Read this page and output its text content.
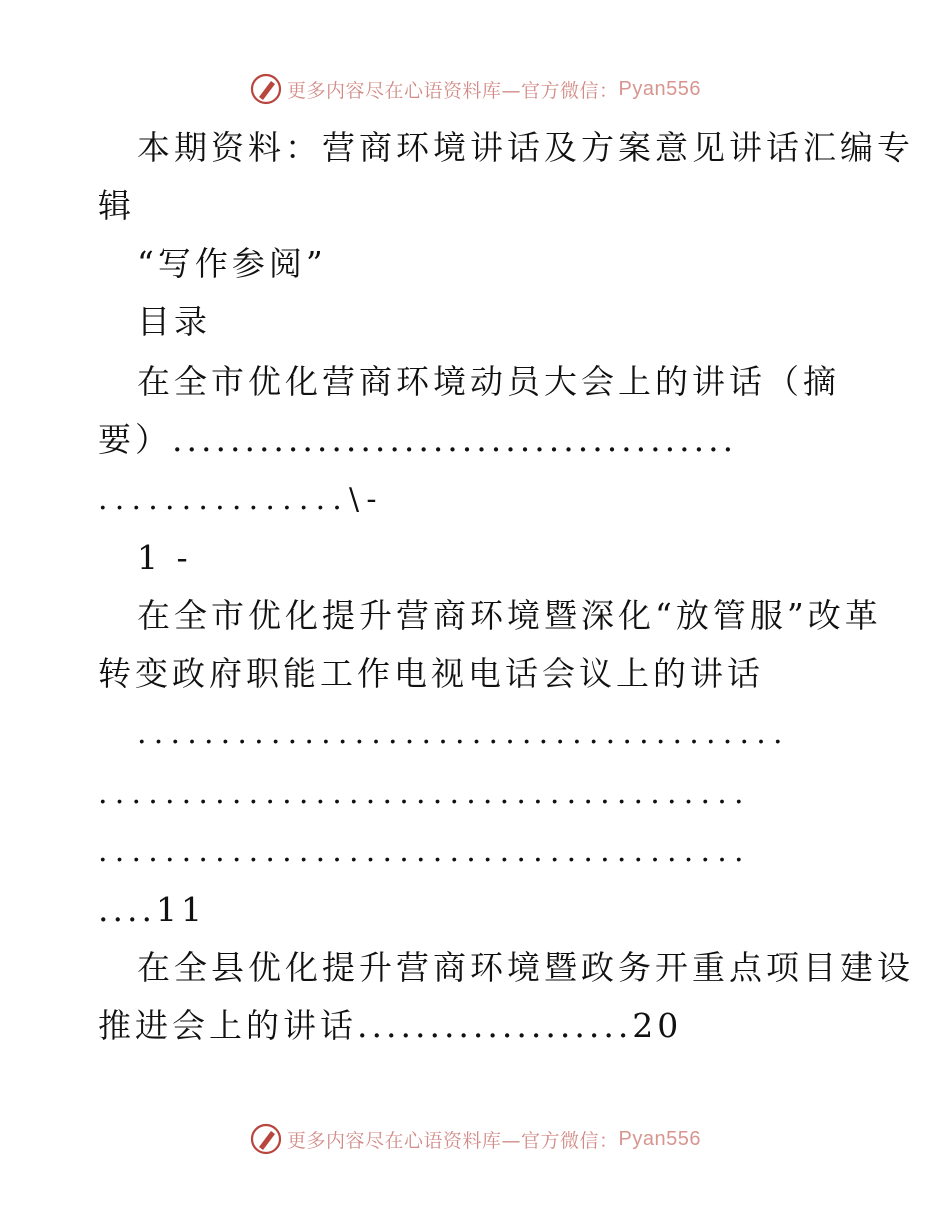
更多内容尽在心语资料库—官方微信： Pyan556
本期资料：营商环境讲话及方案意见讲话汇编专
辑
“写作参阅”
目录
在全市优化营商环境动员大会上的讲话（摘
要）.......................................
...............\-
1 -
在全市优化提升营商环境暨深化“放管服”改革
转变政府职能工作电视电话会议上的讲话
.......................................
.......................................
.......................................
....11
在全县优化提升营商环境暨政务开重点项目建设
推进会上的讲话...................20
更多内容尽在心语资料库—官方微信： Pyan556
